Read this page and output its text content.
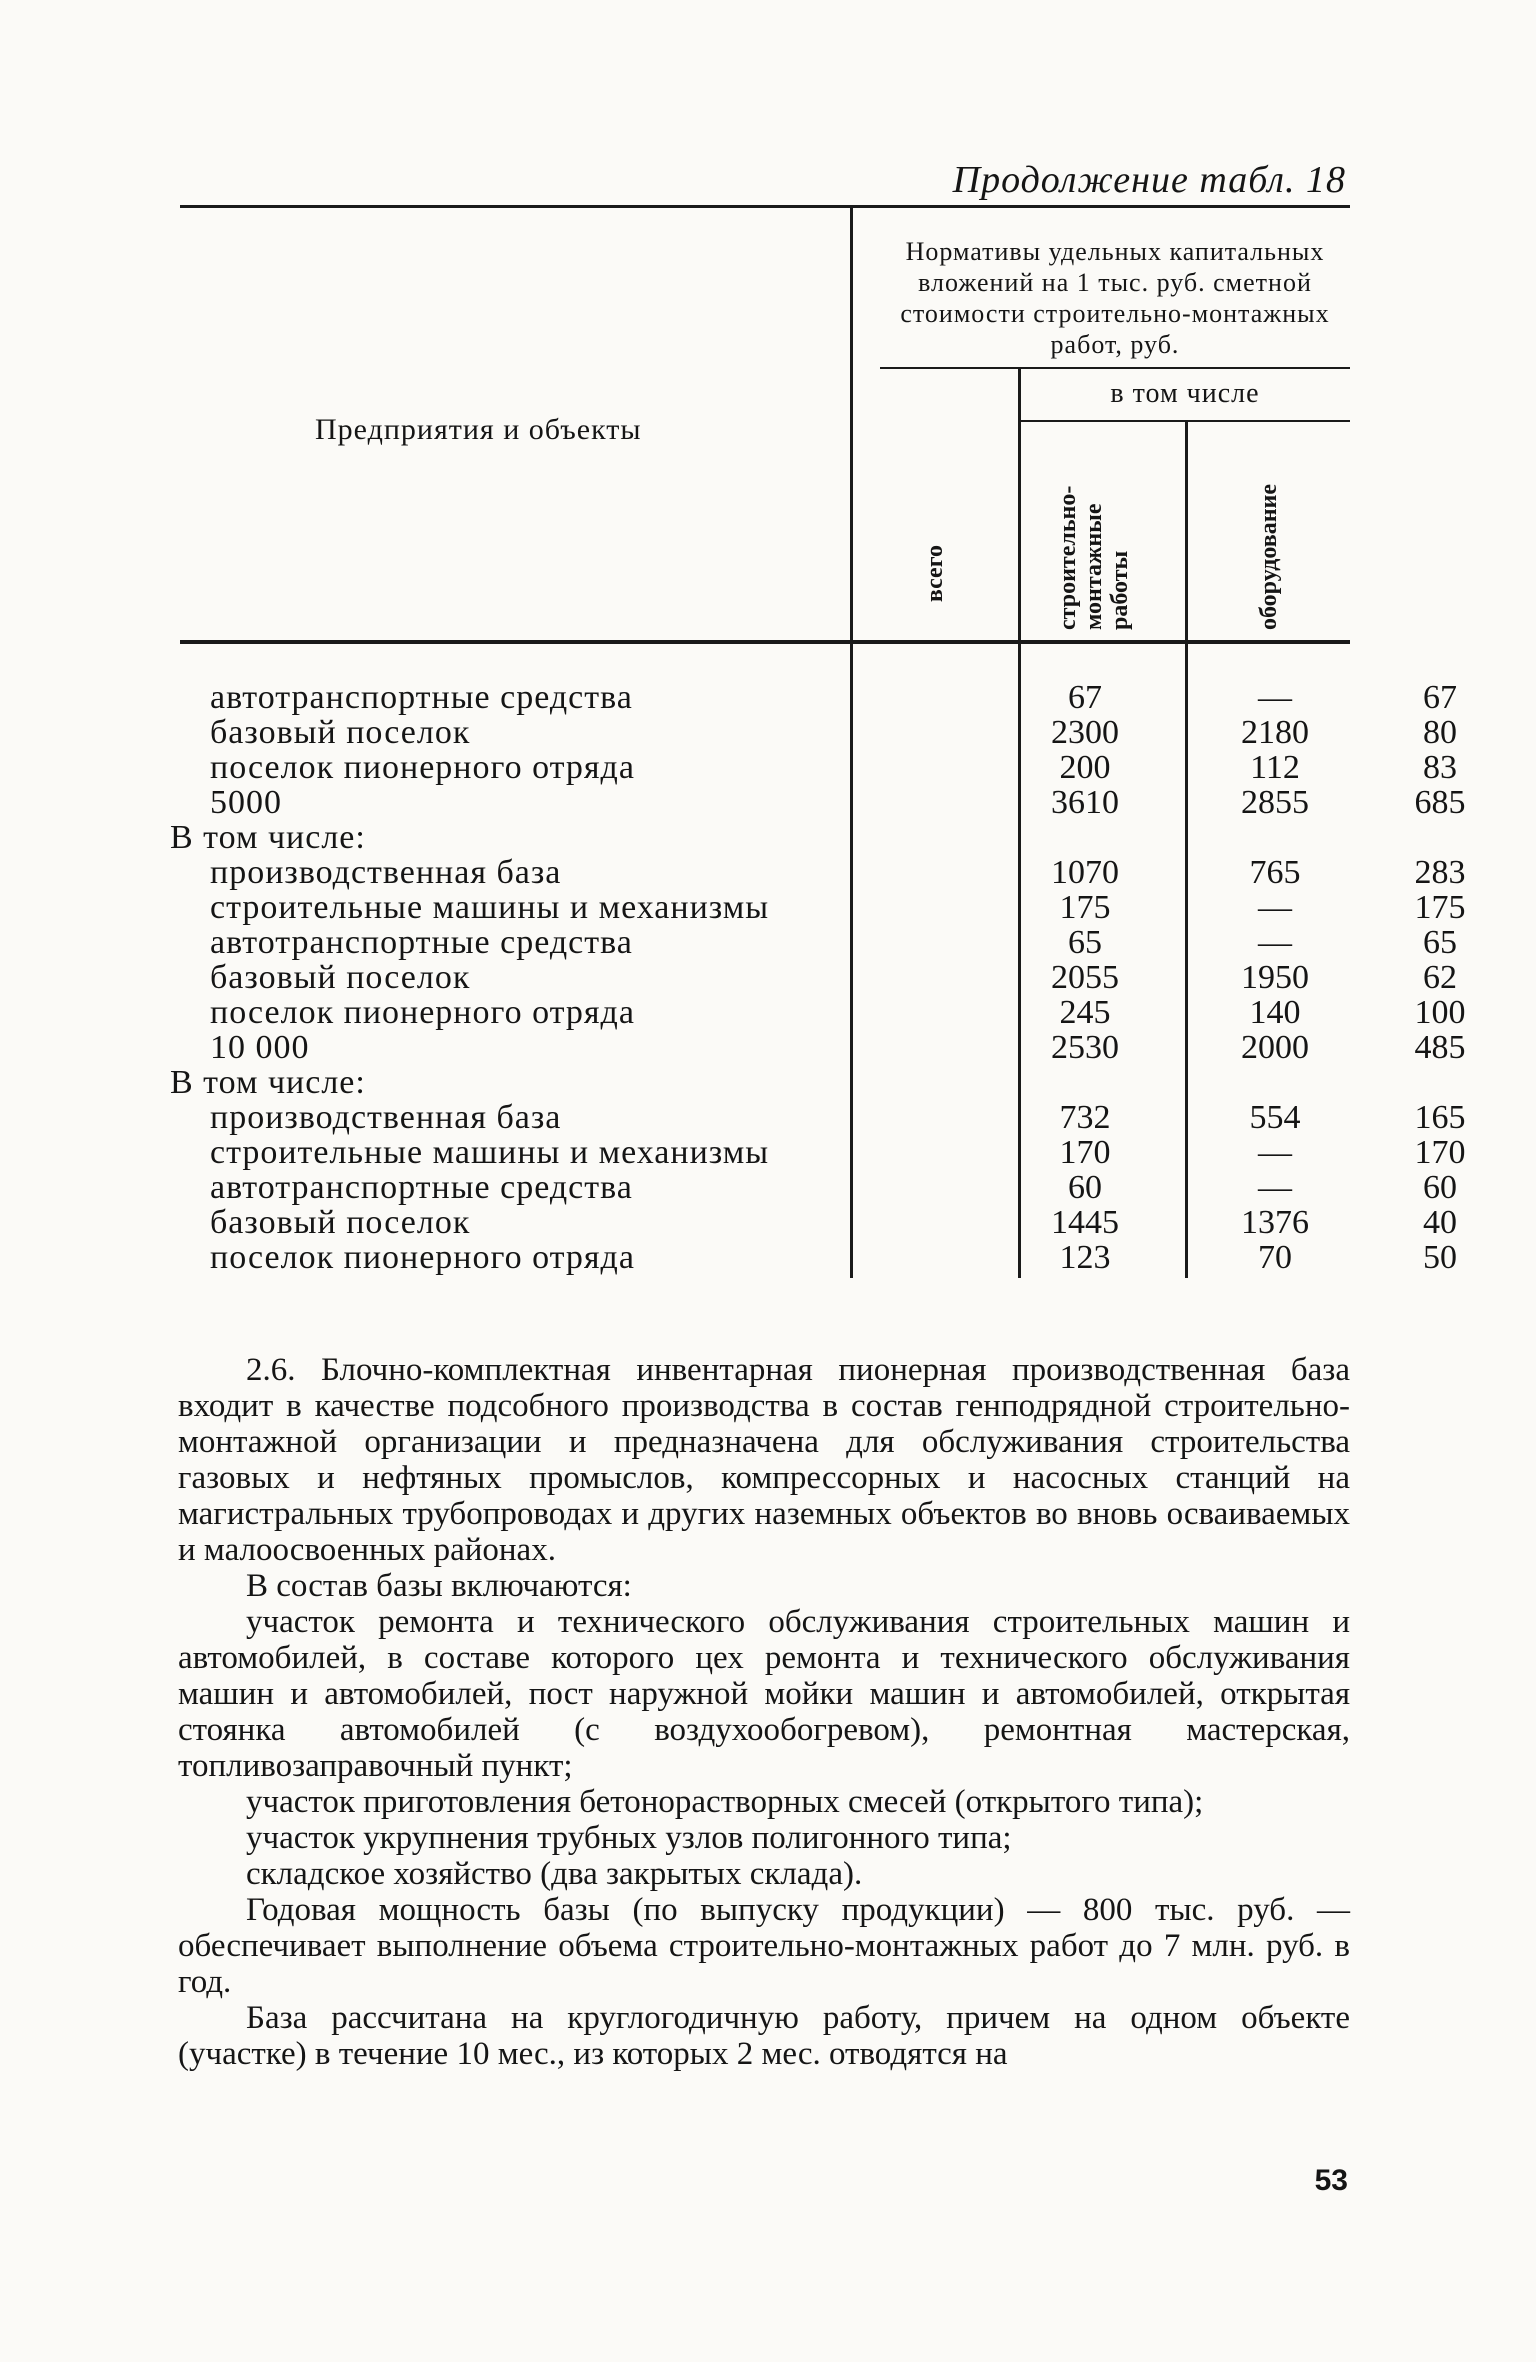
Продолжение табл. 18
Предприятия и объекты
Нормативы удельных капитальных вложений на 1 тыс. руб. сметной стоимости строительно-монтажных работ, руб.
в том числе
всего	строительно-монтажные работы	оборудование
автотранспортные средства	67	—	67
базовый поселок	2300	2180	80
поселок пионерного отряда	200	112	83
5000	3610	2855	685
В том числе:
производственная база	1070	765	283
строительные машины и механизмы	175	—	175
автотранспортные средства	65	—	65
базовый поселок	2055	1950	62
поселок пионерного отряда	245	140	100
10 000	2530	2000	485
В том числе:
производственная база	732	554	165
строительные машины и механизмы	170	—	170
автотранспортные средства	60	—	60
базовый поселок	1445	1376	40
поселок пионерного отряда	123	70	50

2.6. Блочно-комплектная инвентарная пионерная производственная база входит в качестве подсобного производства в состав генподрядной строительно-монтажной организации и предназначена для обслуживания строительства газовых и нефтяных промыслов, компрессорных и насосных станций на магистральных трубопроводах и других наземных объектов во вновь осваиваемых и малоосвоенных районах.

В состав базы включаются:

участок ремонта и технического обслуживания строительных машин и автомобилей, в составе которого цех ремонта и технического обслуживания машин и автомобилей, пост наружной мойки машин и автомобилей, открытая стоянка автомобилей (с воздухообогревом), ремонтная мастерская, топливозаправочный пункт;

участок приготовления бетонорастворных смесей (открытого типа);

участок укрупнения трубных узлов полигонного типа;

складское хозяйство (два закрытых склада).

Годовая мощность базы (по выпуску продукции) — 800 тыс. руб. — обеспечивает выполнение объема строительно-монтажных работ до 7 млн. руб. в год.

База рассчитана на круглогодичную работу, причем на одном объекте (участке) в течение 10 мес., из которых 2 мес. отводятся на

53
